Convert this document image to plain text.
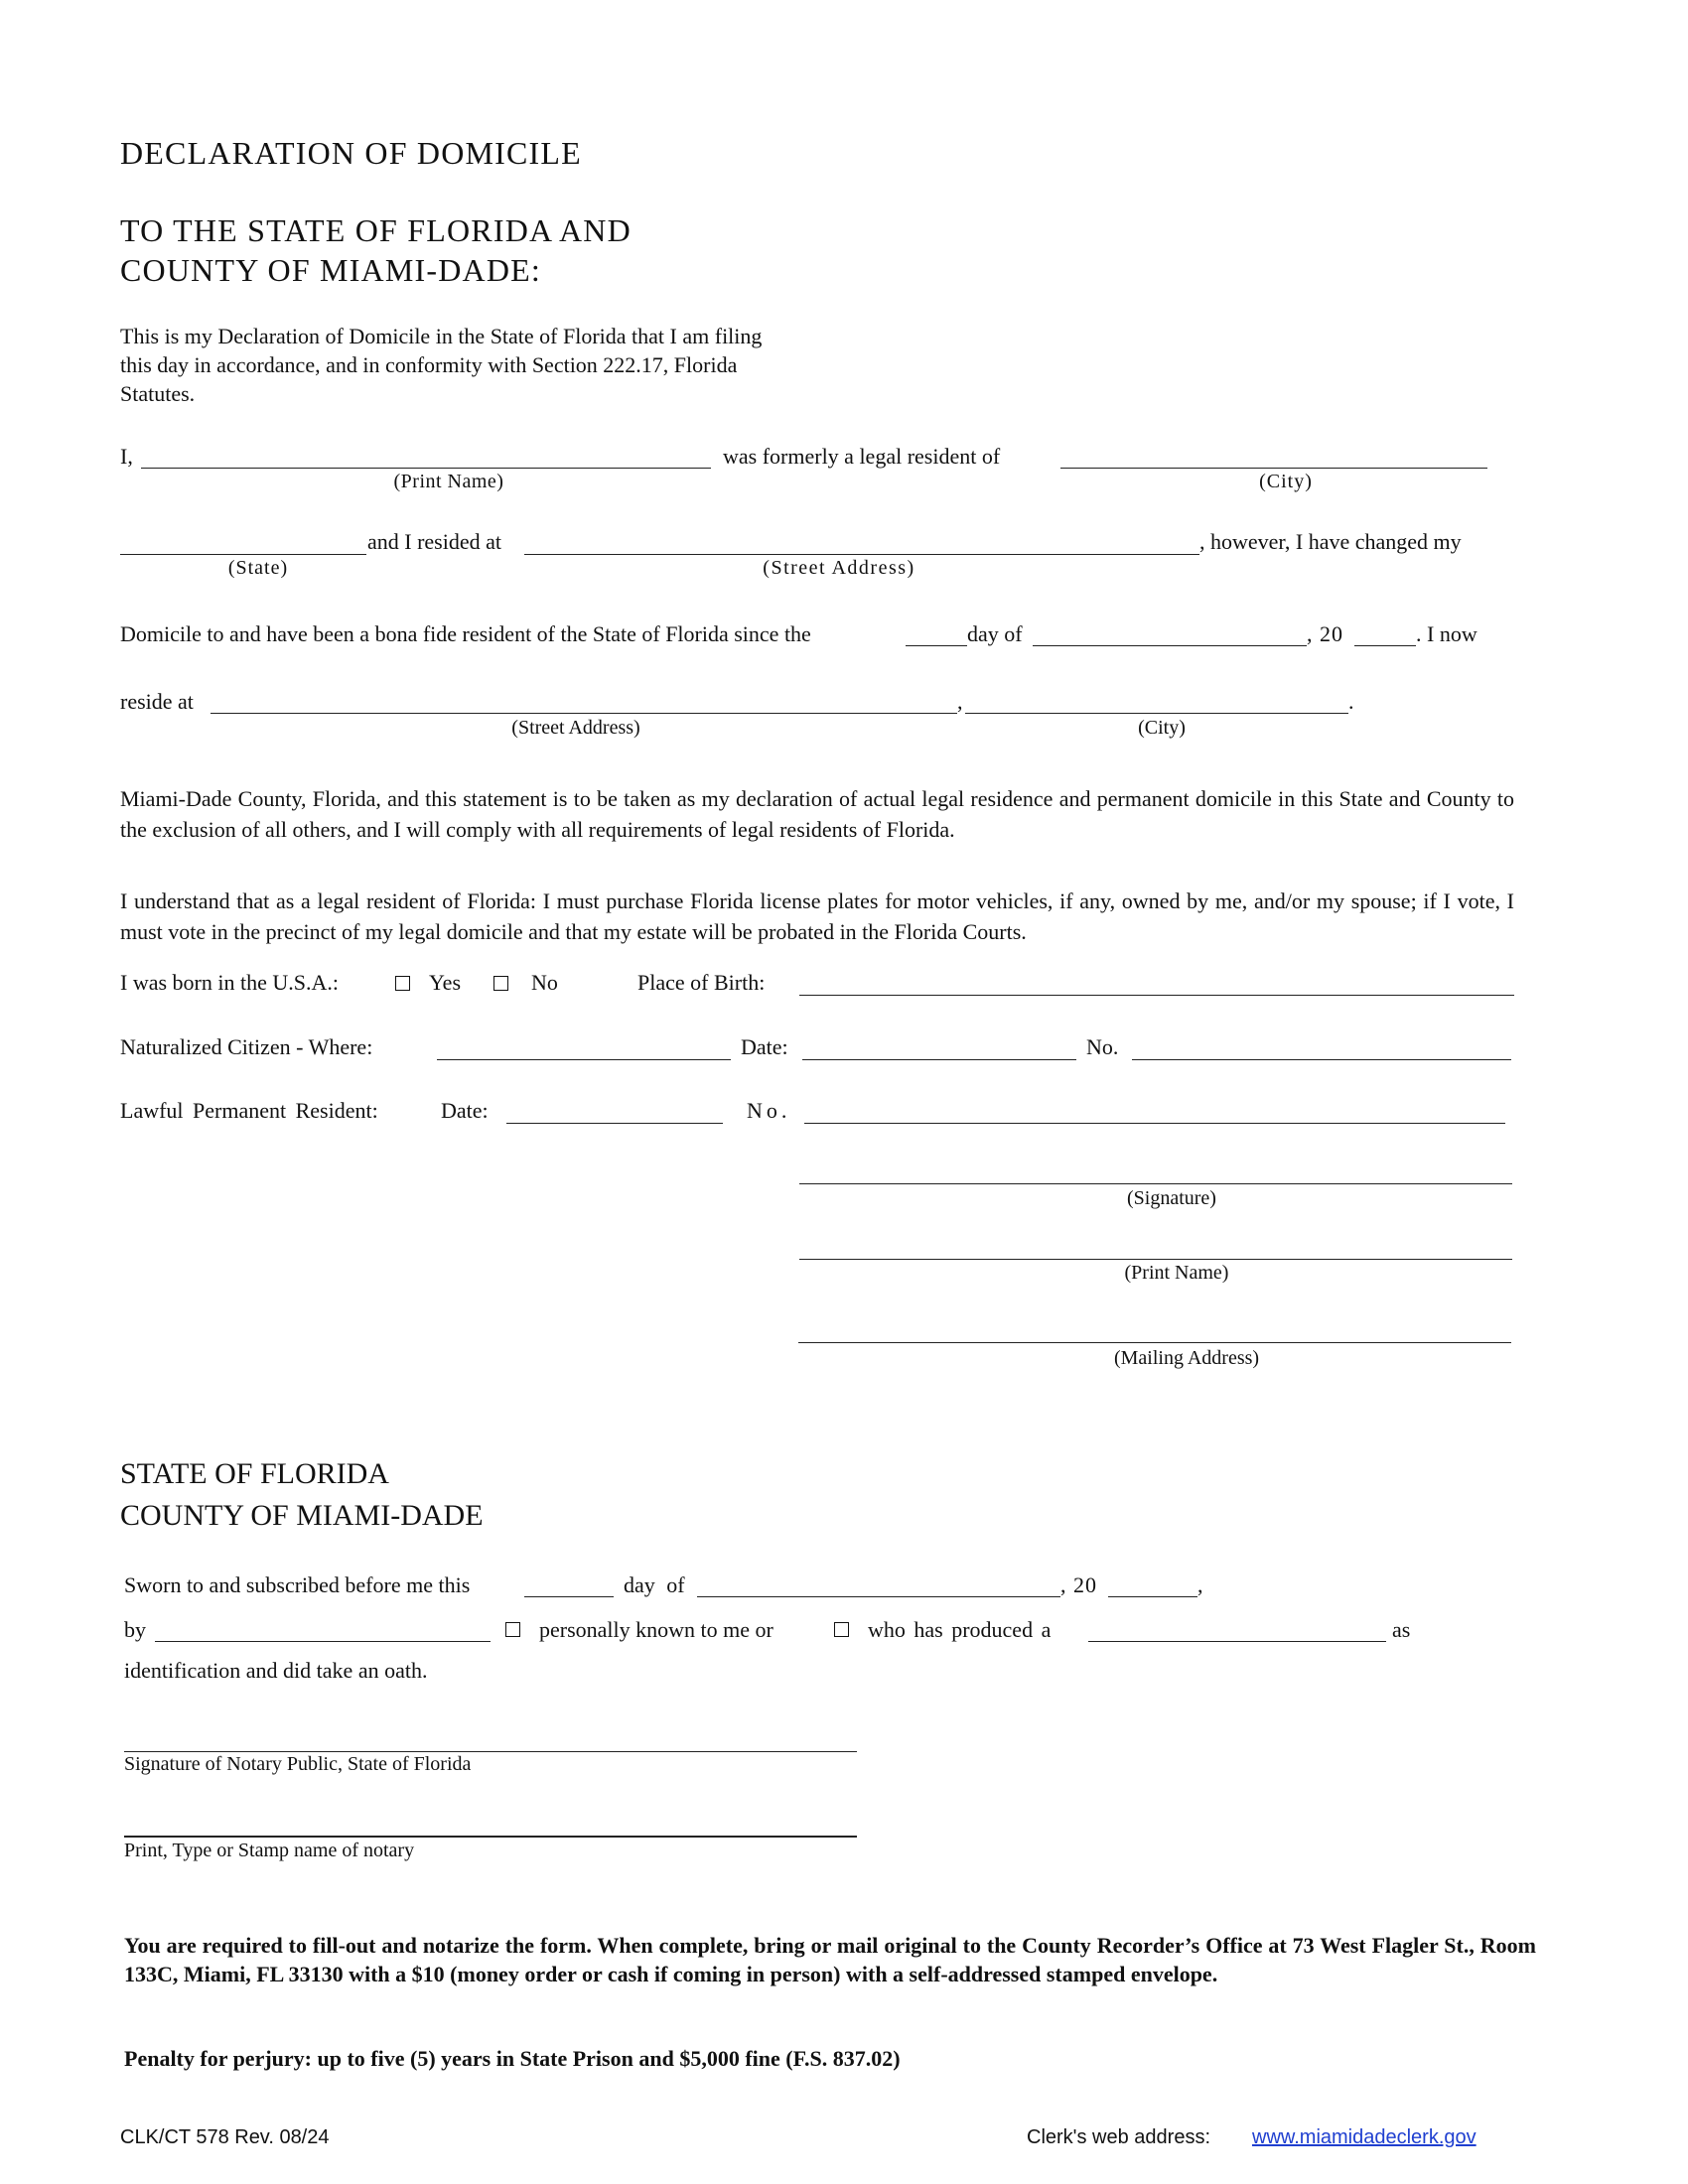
DECLARATION OF DOMICILE
TO THE STATE OF FLORIDA AND
COUNTY OF MIAMI-DADE:
This is my Declaration of Domicile in the State of Florida that I am filing
this day in accordance, and in conformity with Section 222.17, Florida
Statutes.
I,	was formerly a legal resident of
(Print Name)	(City)
and I resided at	, however, I have changed my
(State)	(Street Address)
Domicile to and have been a bona fide resident of the State of Florida since the	day of	, 20	. I now
reside at	,	.
(Street Address)	(City)
Miami-Dade County, Florida, and this statement is to be taken as my declaration of actual legal residence and permanent domicile in this State and County to the exclusion of all others, and I will comply with all requirements of legal residents of Florida.
I understand that as a legal resident of Florida: I must purchase Florida license plates for motor vehicles, if any, owned by me, and/or my spouse; if I vote, I must vote in the precinct of my legal domicile and that my estate will be probated in the Florida Courts.
I was born in the U.S.A.:	Yes	No	Place of Birth:
Naturalized Citizen - Where:	Date:	No.
Lawful Permanent Resident:	Date:	No.
(Signature)
(Print Name)
(Mailing Address)
STATE OF FLORIDA
COUNTY OF MIAMI-DADE
Sworn to and subscribed before me this	day of	, 20	,
by	personally known to me or	who has produced a	as
identification and did take an oath.
Signature of Notary Public, State of Florida
Print, Type or Stamp name of notary
You are required to fill-out and notarize the form. When complete, bring or mail original to the County Recorder’s Office at 73 West Flagler St., Room 133C, Miami, FL 33130 with a $10 (money order or cash if coming in person) with a self-addressed stamped envelope.
Penalty for perjury: up to five (5) years in State Prison and $5,000 fine (F.S. 837.02)
CLK/CT 578 Rev. 08/24	Clerk's web address: www.miamidadeclerk.gov
